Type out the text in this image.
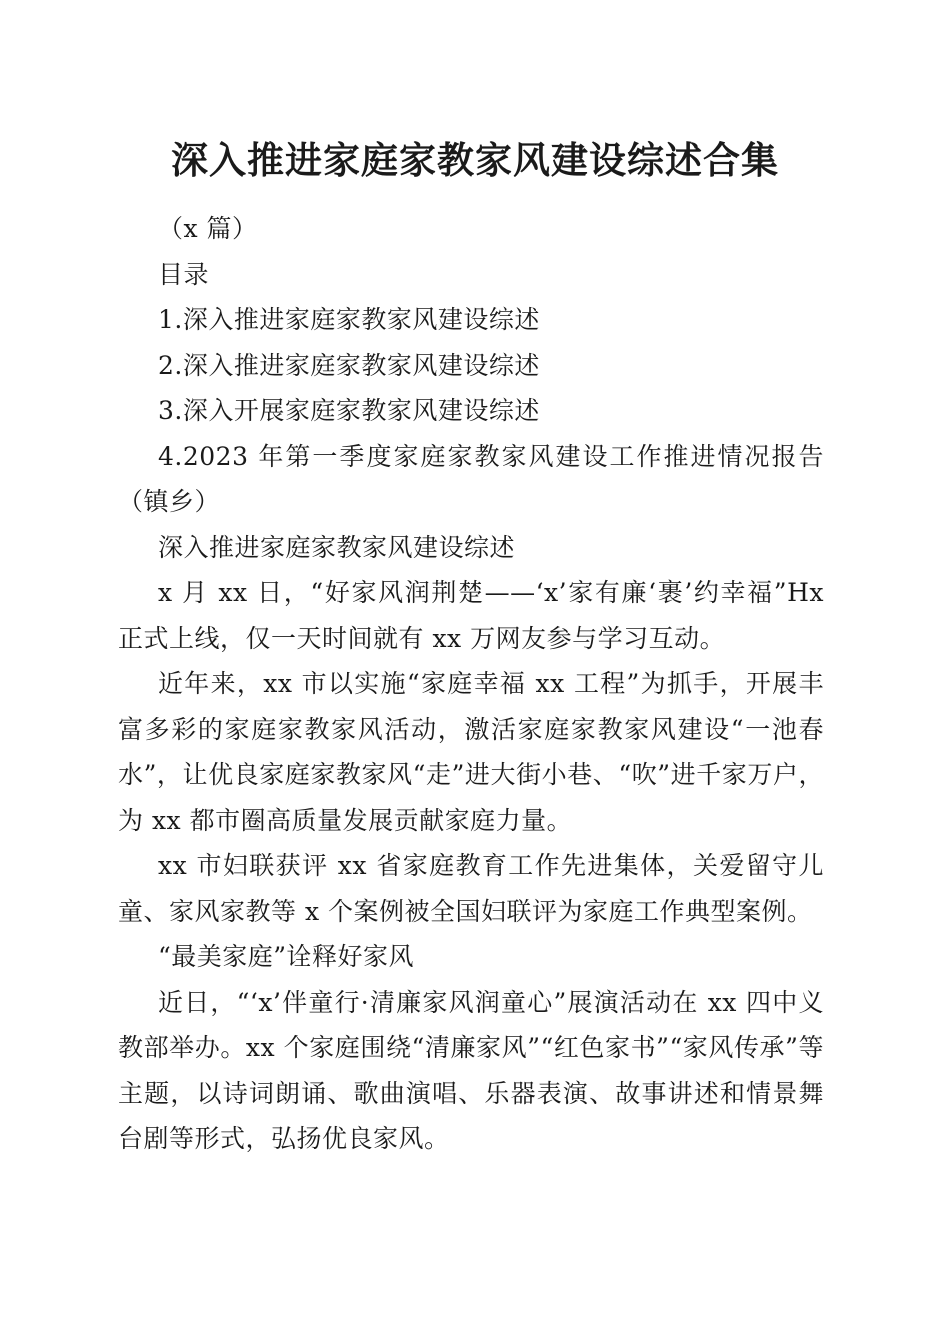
深入推进家庭家教家风建设综述合集

（x 篇）

目录

1.深入推进家庭家教家风建设综述

2.深入推进家庭家教家风建设综述

3.深入开展家庭家教家风建设综述

4.2023 年第一季度家庭家教家风建设工作推进情况报告（镇乡）

深入推进家庭家教家风建设综述

x 月 xx 日，“好家风润荆楚——‘x’家有廉‘裹’约幸福”Hx 正式上线，仅一天时间就有 xx 万网友参与学习互动。

近年来，xx 市以实施“家庭幸福 xx 工程”为抓手，开展丰富多彩的家庭家教家风活动，激活家庭家教家风建设“一池春水”，让优良家庭家教家风“走”进大街小巷、“吹”进千家万户，为 xx 都市圈高质量发展贡献家庭力量。

xx 市妇联获评 xx 省家庭教育工作先进集体，关爱留守儿童、家风家教等 x 个案例被全国妇联评为家庭工作典型案例。

“最美家庭”诠释好家风

近日，“‘x’伴童行·清廉家风润童心”展演活动在 xx 四中义教部举办。xx 个家庭围绕“清廉家风”“红色家书”“家风传承”等主题，以诗词朗诵、歌曲演唱、乐器表演、故事讲述和情景舞台剧等形式，弘扬优良家风。
